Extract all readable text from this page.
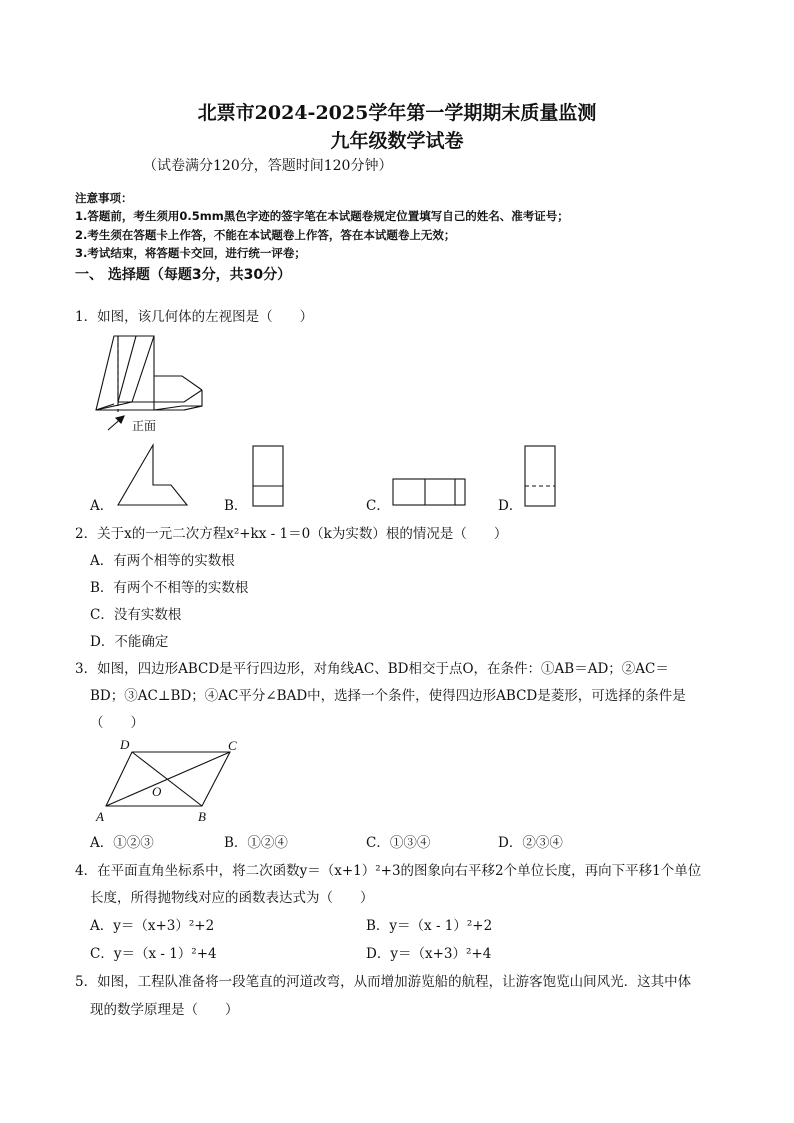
北票市2024-2025学年第一学期期末质量监测
九年级数学试卷
（试卷满分120分，答题时间120分钟）
注意事项：
1.答题前，考生须用0.5mm黑色字迹的签字笔在本试题卷规定位置填写自己的姓名、准考证号；
2.考生须在答题卡上作答，不能在本试题卷上作答，答在本试题卷上无效；
3.考试结束，将答题卡交回，进行统一评卷；
一、 选择题（每题3分，共30分）
1．如图，该几何体的左视图是（　　）
正面
A．	B．	C．	D．
2．关于x的一元二次方程x²+kx - 1＝0（k为实数）根的情况是（　　）
A．有两个相等的实数根
B．有两个不相等的实数根
C．没有实数根
D．不能确定
3．如图，四边形ABCD是平行四边形，对角线AC、BD相交于点O，在条件：①AB＝AD；②AC＝
BD；③AC⊥BD；④AC平分∠BAD中，选择一个条件，使得四边形ABCD是菱形，可选择的条件是
（　　）
D	C
A	B
O
A．①②③	B．①②④	C．①③④	D．②③④
4．在平面直角坐标系中，将二次函数y＝（x+1）²+3的图象向右平移2个单位长度，再向下平移1个单位
长度，所得抛物线对应的函数表达式为（　　）
A．y＝（x+3）²+2	B．y＝（x - 1）²+2
C．y＝（x - 1）²+4	D．y＝（x+3）²+4
5．如图，工程队准备将一段笔直的河道改弯，从而增加游览船的航程，让游客饱览山间风光．这其中体
现的数学原理是（　　）
